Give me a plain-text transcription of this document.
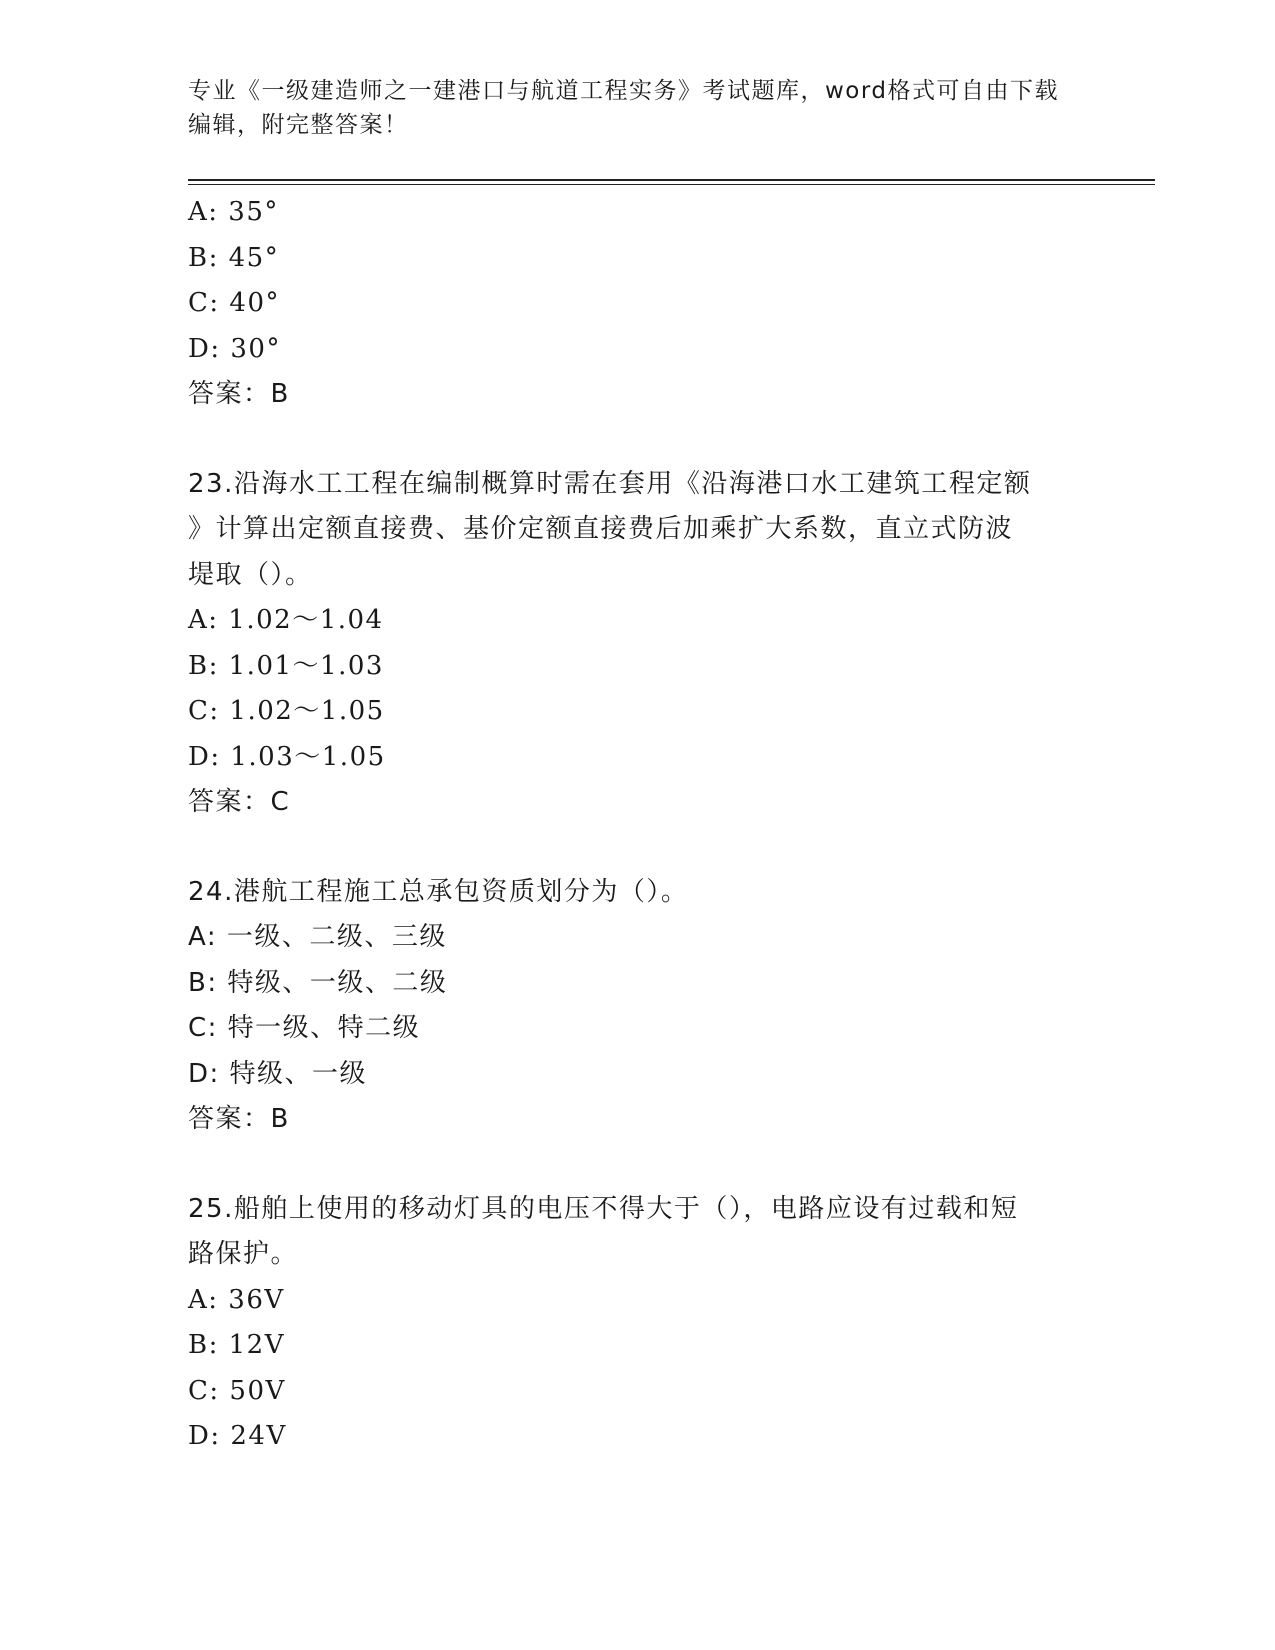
专业《一级建造师之一建港口与航道工程实务》考试题库，word格式可自由下载编辑，附完整答案！
A: 35°
B: 45°
C: 40°
D: 30°
答案：B
23.沿海水工工程在编制概算时需在套用《沿海港口水工建筑工程定额
》计算出定额直接费、基价定额直接费后加乘扩大系数，直立式防波
堤取（）。
A: 1.02～1.04
B: 1.01～1.03
C: 1.02～1.05
D: 1.03～1.05
答案：C
24.港航工程施工总承包资质划分为（）。
A: 一级、二级、三级
B: 特级、一级、二级
C: 特一级、特二级
D: 特级、一级
答案：B
25.船舶上使用的移动灯具的电压不得大于（），电路应设有过载和短
路保护。
A: 36V
B: 12V
C: 50V
D: 24V
